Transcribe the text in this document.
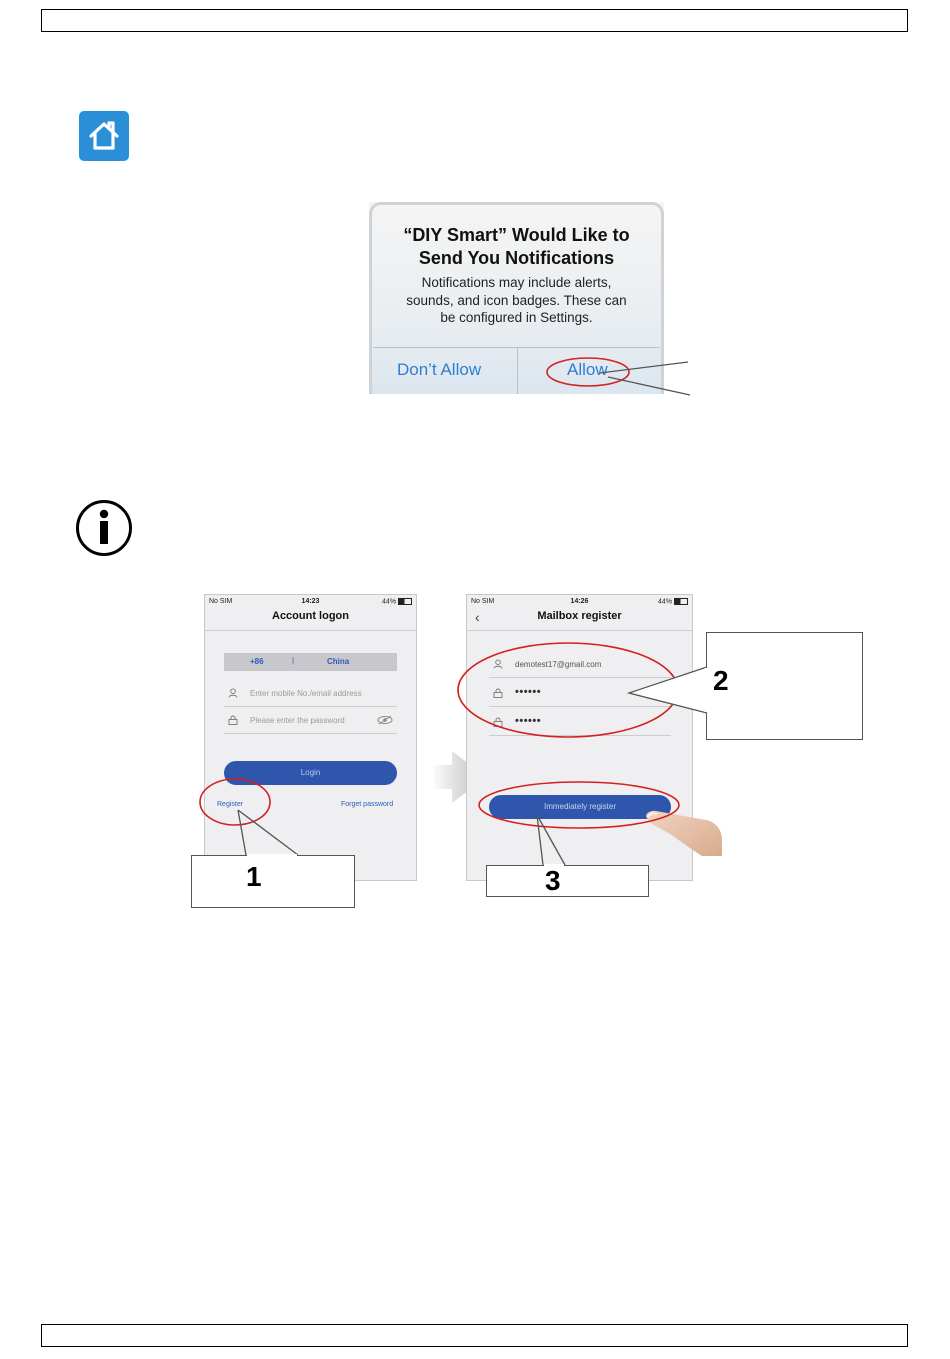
“DIY Smart” Would Like to
Send You Notifications
Notifications may include alerts,
sounds, and icon badges. These can
be configured in Settings.
Don’t Allow	Allow
No SIM	14:23	44%
Account logon
+86	|	China
Enter mobile No./email address
Please enter the password
Login
Register	Forget password
No SIM	14:26	44%
‹	Mailbox register
demotest17@gmail.com
••••••
••••••
Immediately register
1
2
3
